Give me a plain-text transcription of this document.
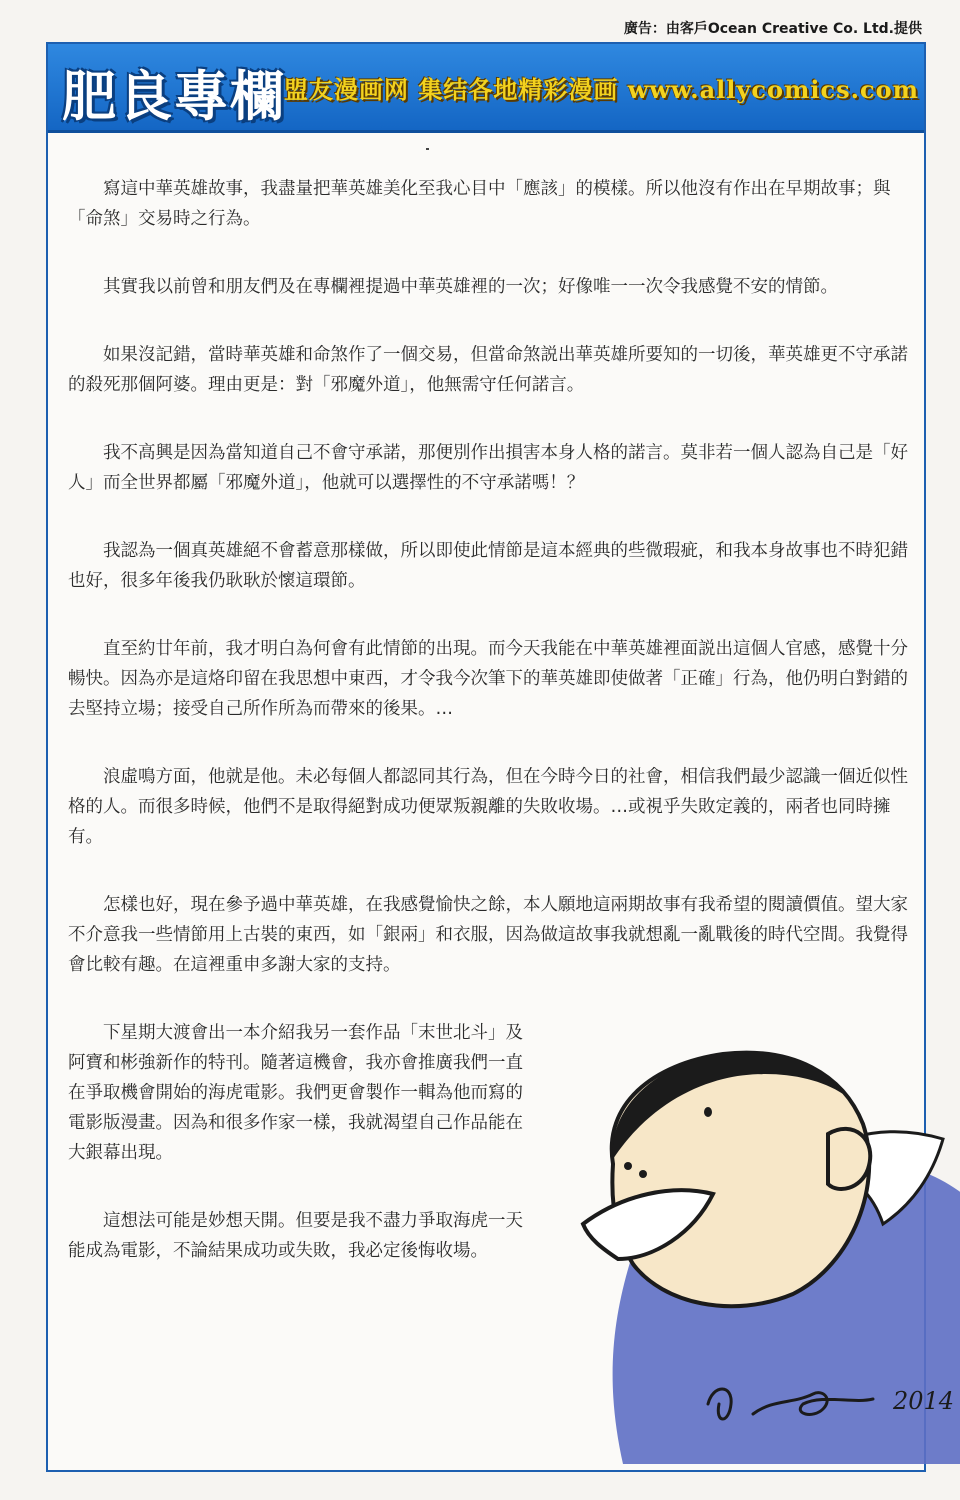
廣告：由客戶Ocean Creative Co. Ltd.提供
肥良專欄
盟友漫画网 集结各地精彩漫画 www.allycomics.com

寫這中華英雄故事，我盡量把華英雄美化至我心目中「應該」的模樣。所以他沒有作出在早期故事；與「命煞」交易時之行為。

其實我以前曾和朋友們及在專欄裡提過中華英雄裡的一次；好像唯一一次令我感覺不安的情節。

如果沒記錯，當時華英雄和命煞作了一個交易，但當命煞説出華英雄所要知的一切後，華英雄更不守承諾的殺死那個阿婆。理由更是：對「邪魔外道」，他無需守任何諾言。

我不高興是因為當知道自己不會守承諾，那便別作出損害本身人格的諾言。莫非若一個人認為自己是「好人」而全世界都屬「邪魔外道」，他就可以選擇性的不守承諾嗎！？

我認為一個真英雄絕不會蓄意那樣做，所以即使此情節是這本經典的些微瑕疵，和我本身故事也不時犯錯也好，很多年後我仍耿耿於懷這環節。

直至約廿年前，我才明白為何會有此情節的出現。而今天我能在中華英雄裡面説出這個人官感，感覺十分暢快。因為亦是這烙印留在我思想中東西，才令我今次筆下的華英雄即使做著「正確」行為，他仍明白對錯的去堅持立場；接受自己所作所為而帶來的後果。…

浪虛鳴方面，他就是他。未必每個人都認同其行為，但在今時今日的社會，相信我們最少認識一個近似性格的人。而很多時候，他們不是取得絕對成功便眾叛親離的失敗收場。…或視乎失敗定義的，兩者也同時擁有。

怎樣也好，現在參予過中華英雄，在我感覺愉快之餘，本人願地這兩期故事有我希望的閱讀價值。望大家不介意我一些情節用上古裝的東西，如「銀兩」和衣服，因為做這故事我就想亂一亂戰後的時代空間。我覺得會比較有趣。在這裡重申多謝大家的支持。

下星期大渡會出一本介紹我另一套作品「末世北斗」及阿寶和彬強新作的特刊。隨著這機會，我亦會推廣我們一直在爭取機會開始的海虎電影。我們更會製作一輯為他而寫的電影版漫畫。因為和很多作家一樣，我就渴望自己作品能在大銀幕出現。

這想法可能是妙想天開。但要是我不盡力爭取海虎一天能成為電影，不論結果成功或失敗，我必定後悔收場。

2014
